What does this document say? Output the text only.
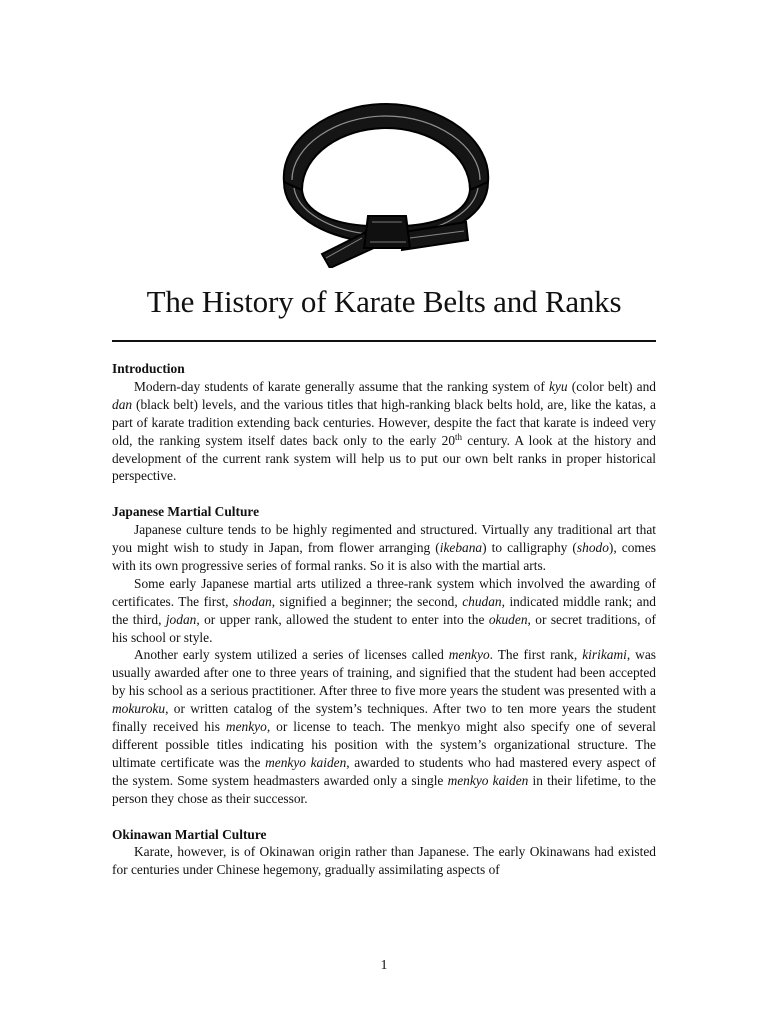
The History of Karate Belts and Ranks
Introduction

Modern-day students of karate generally assume that the ranking system of kyu (color belt) and dan (black belt) levels, and the various titles that high-ranking black belts hold, are, like the katas, a part of karate tradition extending back centuries. However, despite the fact that karate is indeed very old, the ranking system itself dates back only to the early 20th century. A look at the history and development of the current rank system will help us to put our own belt ranks in proper historical perspective.

Japanese Martial Culture

Japanese culture tends to be highly regimented and structured. Virtually any traditional art that you might wish to study in Japan, from flower arranging (ikebana) to calligraphy (shodo), comes with its own progressive series of formal ranks. So it is also with the martial arts.

Some early Japanese martial arts utilized a three-rank system which involved the awarding of certificates. The first, shodan, signified a beginner; the second, chudan, indicated middle rank; and the third, jodan, or upper rank, allowed the student to enter into the okuden, or secret traditions, of his school or style.

Another early system utilized a series of licenses called menkyo. The first rank, kirikami, was usually awarded after one to three years of training, and signified that the student had been accepted by his school as a serious practitioner. After three to five more years the student was presented with a mokuroku, or written catalog of the system’s techniques. After two to ten more years the student finally received his menkyo, or license to teach. The menkyo might also specify one of several different possible titles indicating his position with the system’s organizational structure. The ultimate certificate was the menkyo kaiden, awarded to students who had mastered every aspect of the system. Some system headmasters awarded only a single menkyo kaiden in their lifetime, to the person they chose as their successor.

Okinawan Martial Culture

Karate, however, is of Okinawan origin rather than Japanese. The early Okinawans had existed for centuries under Chinese hegemony, gradually assimilating aspects of

1
